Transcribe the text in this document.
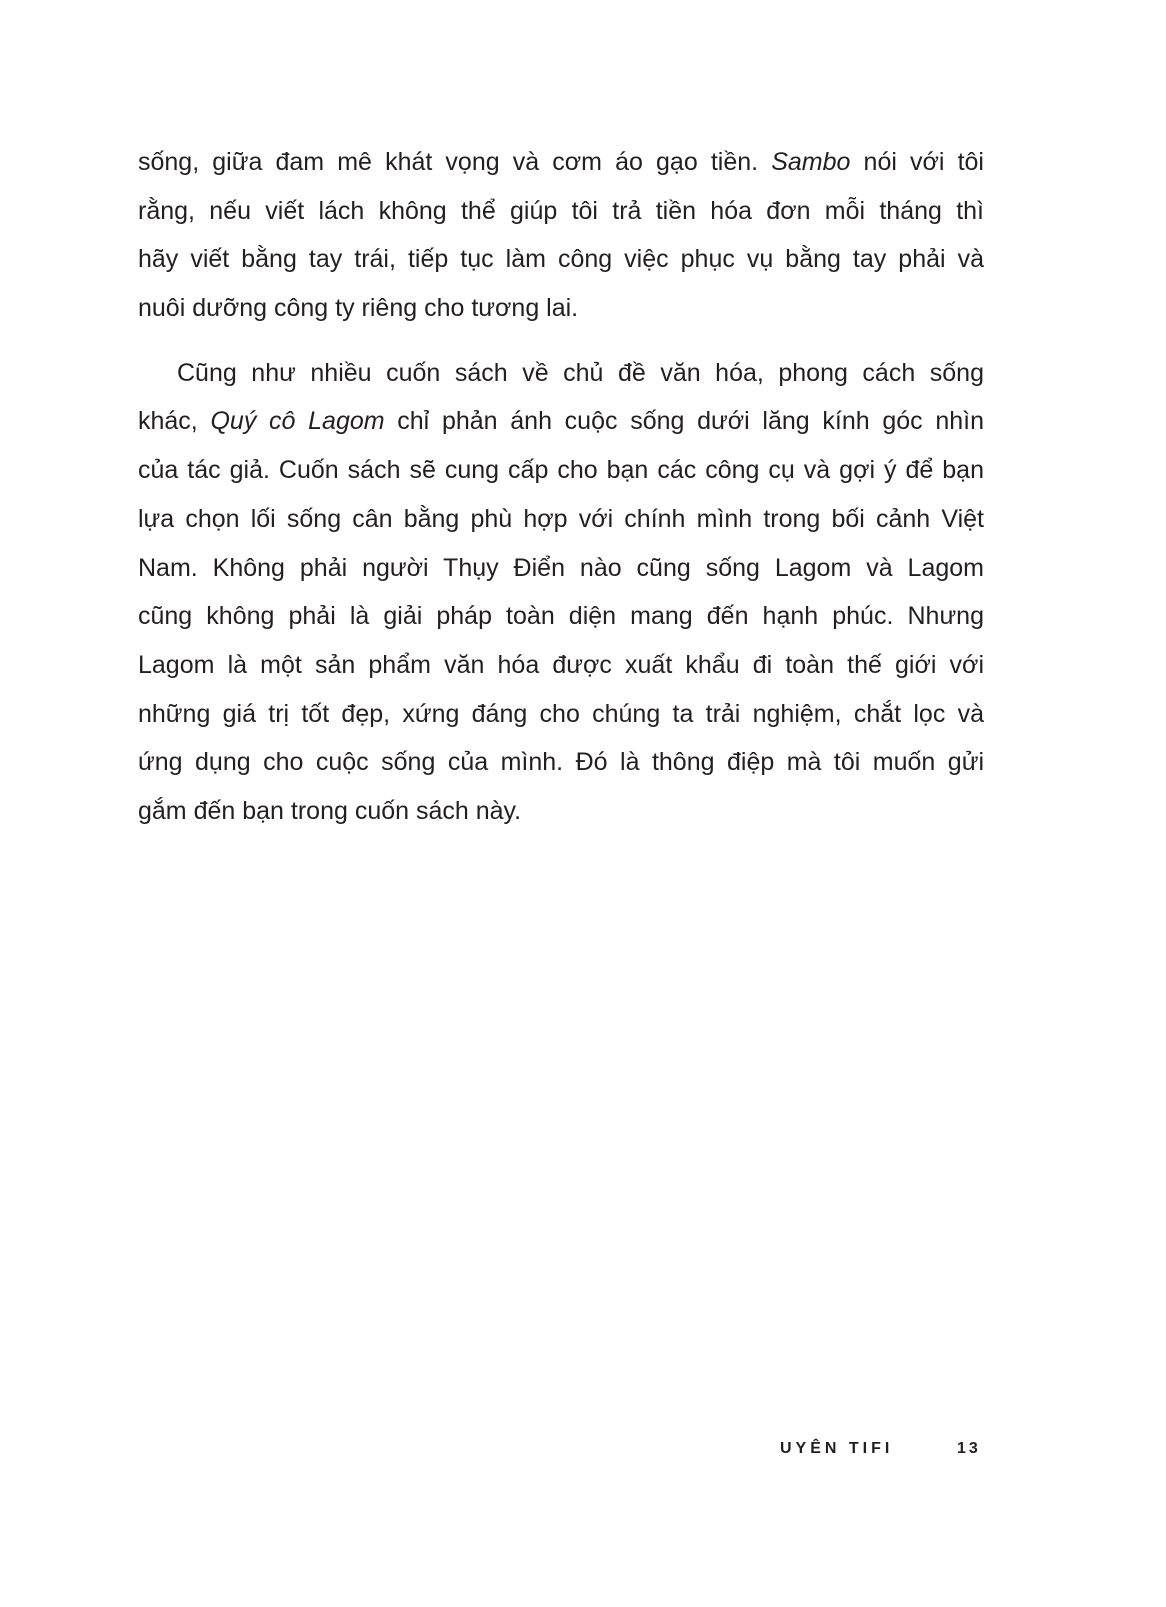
sống, giữa đam mê khát vọng và cơm áo gạo tiền. Sambo nói với tôi
rằng, nếu viết lách không thể giúp tôi trả tiền hóa đơn mỗi tháng thì
hãy viết bằng tay trái, tiếp tục làm công việc phục vụ bằng tay phải và
nuôi dưỡng công ty riêng cho tương lai.

Cũng như nhiều cuốn sách về chủ đề văn hóa, phong cách sống
khác, Quý cô Lagom chỉ phản ánh cuộc sống dưới lăng kính góc nhìn
của tác giả. Cuốn sách sẽ cung cấp cho bạn các công cụ và gợi ý để bạn
lựa chọn lối sống cân bằng phù hợp với chính mình trong bối cảnh Việt
Nam. Không phải người Thụy Điển nào cũng sống Lagom và Lagom
cũng không phải là giải pháp toàn diện mang đến hạnh phúc. Nhưng
Lagom là một sản phẩm văn hóa được xuất khẩu đi toàn thế giới với
những giá trị tốt đẹp, xứng đáng cho chúng ta trải nghiệm, chắt lọc và
ứng dụng cho cuộc sống của mình. Đó là thông điệp mà tôi muốn gửi
gắm đến bạn trong cuốn sách này.

UYÊN TIFI	13
